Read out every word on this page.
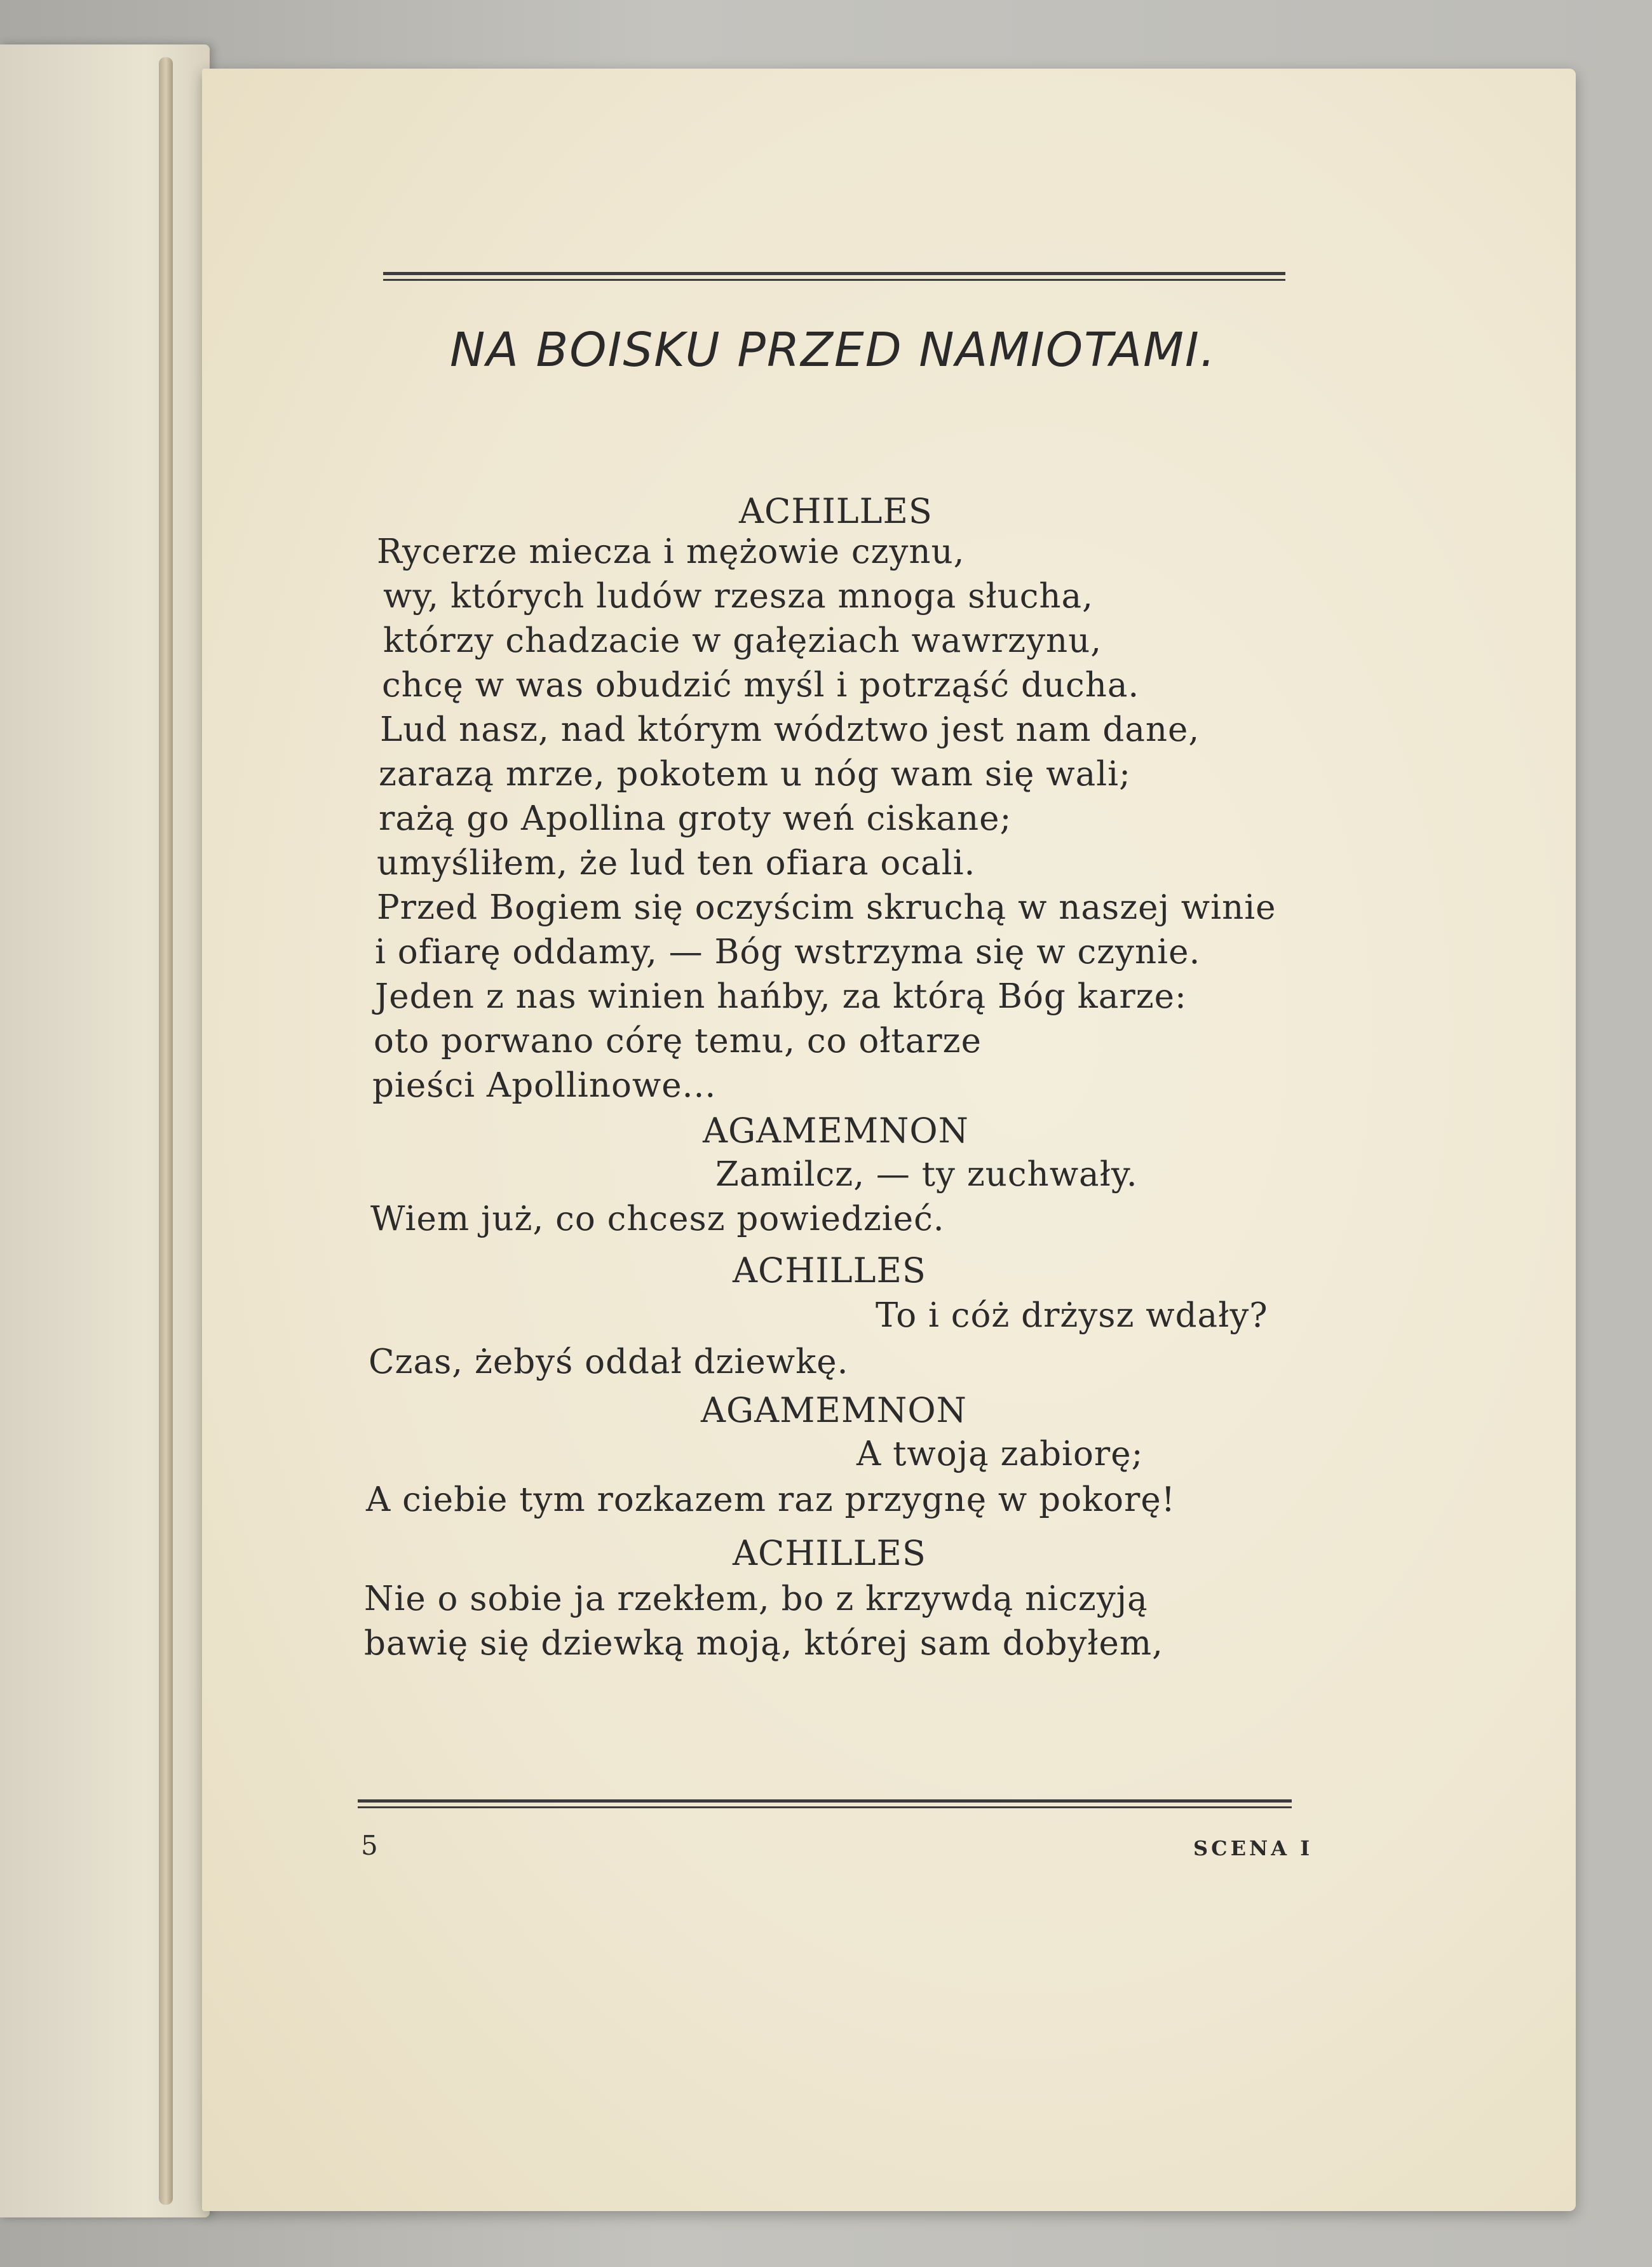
NA BOISKU PRZED NAMIOTAMI.
ACHILLES
Rycerze miecza i mężowie czynu,
wy, których ludów rzesza mnoga słucha,
którzy chadzacie w gałęziach wawrzynu,
chcę w was obudzić myśl i potrząść ducha.
Lud nasz, nad którym wództwo jest nam dane,
zarazą mrze, pokotem u nóg wam się wali;
rażą go Apollina groty weń ciskane;
umyśliłem, że lud ten ofiara ocali.
Przed Bogiem się oczyścim skruchą w naszej winie
i ofiarę oddamy, — Bóg wstrzyma się w czynie.
Jeden z nas winien hańby, za którą Bóg karze:
oto porwano córę temu, co ołtarze
pieści Apollinowe...
AGAMEMNON
Zamilcz, — ty zuchwały.
Wiem już, co chcesz powiedzieć.
ACHILLES
To i cóż drżysz wdały?
Czas, żebyś oddał dziewkę.
AGAMEMNON
A twoją zabiorę;
A ciebie tym rozkazem raz przygnę w pokorę!
ACHILLES
Nie o sobie ja rzekłem, bo z krzywdą niczyją
bawię się dziewką moją, której sam dobyłem,
5	SCENA I
